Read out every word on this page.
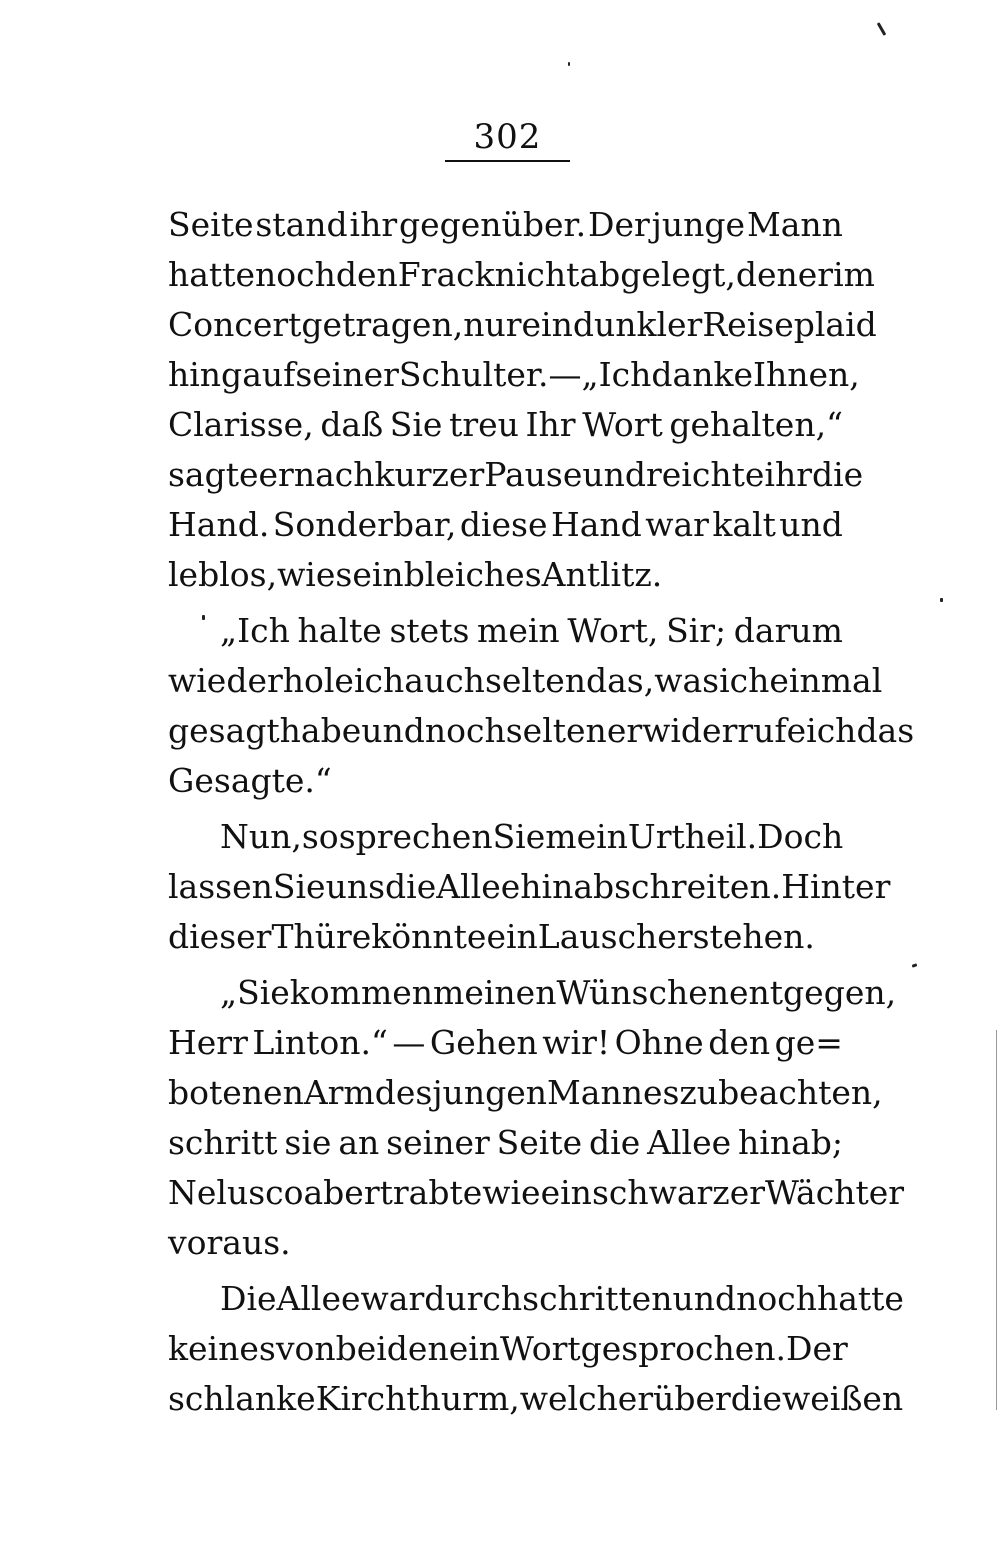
302
Seite stand ihr gegenüber. Der junge Mann
hatte noch den Frack nicht abgelegt, den er im
Concert getragen, nur ein dunkler Reiseplaid
hing auf seiner Schulter. — „Ich danke Ihnen,
Clarisse, daß Sie treu Ihr Wort gehalten,“
sagte er nach kurzer Pause und reichte ihr die
Hand. Sonderbar, diese Hand war kalt und
leblos, wie sein bleiches Antlitz.
„Ich halte stets mein Wort, Sir; darum
wiederhole ich auch selten das, was ich einmal
gesagt habe und noch seltener widerrufe ich das
Gesagte.“
Nun, so sprechen Sie mein Urtheil. Doch
lassen Sie uns die Allee hinabschreiten. Hinter
dieser Thüre könnte ein Lauscher stehen.
„Sie kommen meinen Wünschen entgegen,
Herr Linton.“ — Gehen wir! Ohne den ge=
botenen Arm des jungen Mannes zu beachten,
schritt sie an seiner Seite die Allee hinab;
Nelusco aber trabte wie ein schwarzer Wächter
voraus.
Die Allee war durchschritten und noch hatte
keines von beiden ein Wort gesprochen. Der
schlanke Kirchthurm, welcher über die weißen
